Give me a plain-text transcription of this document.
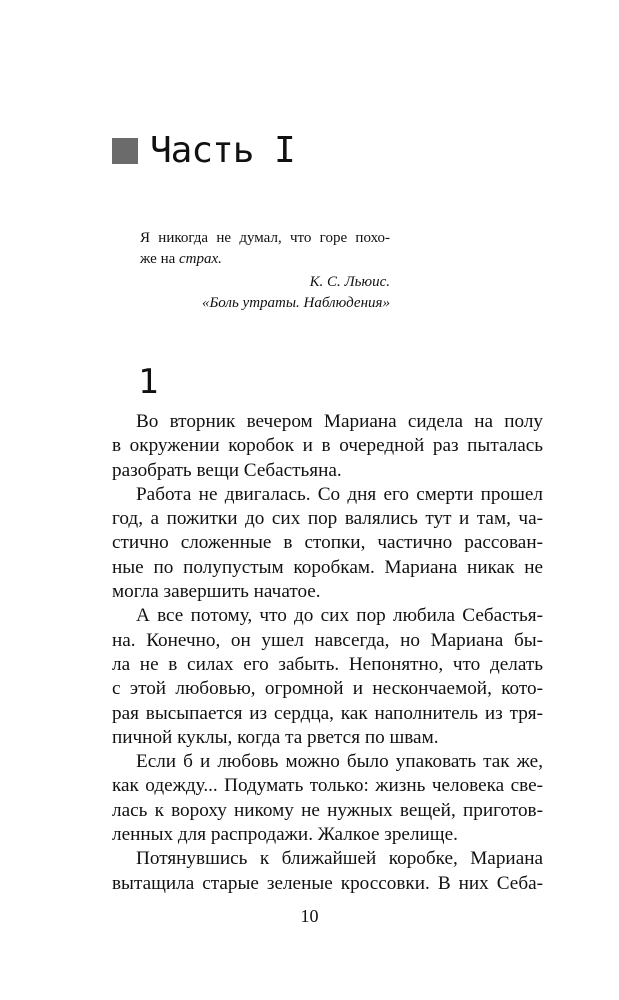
Часть I
Я никогда не думал, что горе похо-
же на страх.
К. С. Льюис.
«Боль утраты. Наблюдения»
1
Во вторник вечером Мариана сидела на полу
в окружении коробок и в очередной раз пыталась
разобрать вещи Себастьяна.
Работа не двигалась. Со дня его смерти прошел
год, а пожитки до сих пор валялись тут и там, ча-
стично сложенные в стопки, частично рассован-
ные по полупустым коробкам. Мариана никак не
могла завершить начатое.
А все потому, что до сих пор любила Себастья-
на. Конечно, он ушел навсегда, но Мариана бы-
ла не в силах его забыть. Непонятно, что делать
с этой любовью, огромной и нескончаемой, кото-
рая высыпается из сердца, как наполнитель из тря-
пичной куклы, когда та рвется по швам.
Если б и любовь можно было упаковать так же,
как одежду... Подумать только: жизнь человека све-
лась к вороху никому не нужных вещей, приготов-
ленных для распродажи. Жалкое зрелище.
Потянувшись к ближайшей коробке, Мариана
вытащила старые зеленые кроссовки. В них Себа-
10
